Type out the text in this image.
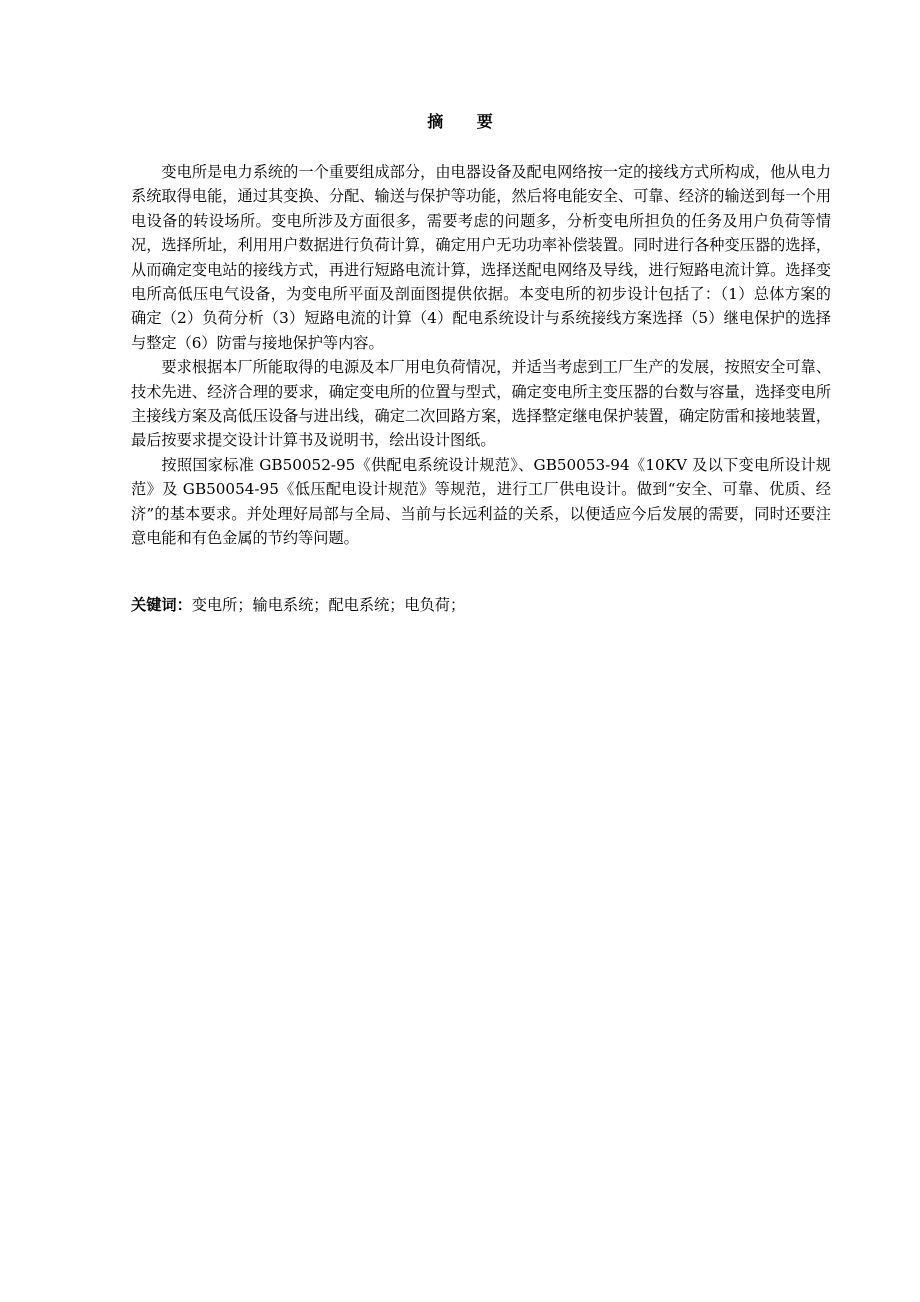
摘 要

变电所是电力系统的一个重要组成部分，由电器设备及配电网络按一定的接线方式所构成，他从电力系统取得电能，通过其变换、分配、输送与保护等功能，然后将电能安全、可靠、经济的输送到每一个用电设备的转设场所。变电所涉及方面很多，需要考虑的问题多，分析变电所担负的任务及用户负荷等情况，选择所址，利用用户数据进行负荷计算，确定用户无功功率补偿装置。同时进行各种变压器的选择，从而确定变电站的接线方式，再进行短路电流计算，选择送配电网络及导线，进行短路电流计算。选择变电所高低压电气设备，为变电所平面及剖面图提供依据。本变电所的初步设计包括了：（1）总体方案的确定（2）负荷分析（3）短路电流的计算（4）配电系统设计与系统接线方案选择（5）继电保护的选择与整定（6）防雷与接地保护等内容。

要求根据本厂所能取得的电源及本厂用电负荷情况，并适当考虑到工厂生产的发展，按照安全可靠、技术先进、经济合理的要求，确定变电所的位置与型式，确定变电所主变压器的台数与容量，选择变电所主接线方案及高低压设备与进出线，确定二次回路方案，选择整定继电保护装置，确定防雷和接地装置，最后按要求提交设计计算书及说明书，绘出设计图纸。

按照国家标准 GB50052-95《供配电系统设计规范》、GB50053-94《10KV 及以下变电所设计规范》及 GB50054-95《低压配电设计规范》等规范，进行工厂供电设计。做到“安全、可靠、优质、经济”的基本要求。并处理好局部与全局、当前与长远利益的关系，以便适应今后发展的需要，同时还要注意电能和有色金属的节约等问题。

关键词：变电所；输电系统；配电系统；电负荷；
